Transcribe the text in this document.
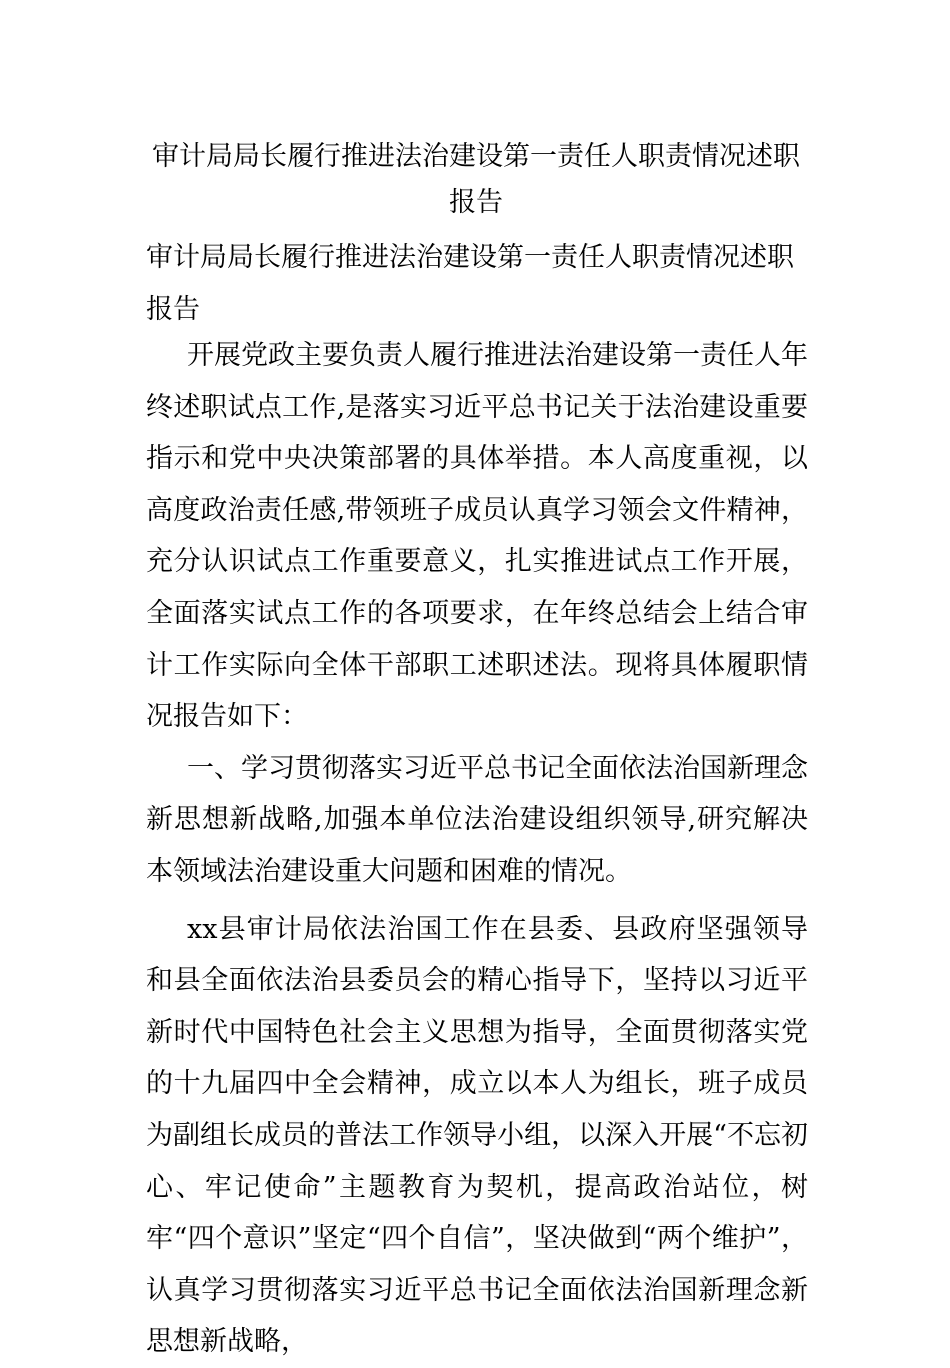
审计局局长履行推进法治建设第一责任人职责情况述职报告
审计局局长履行推进法治建设第一责任人职责情况述职报告

开展党政主要负责人履行推进法治建设第一责任人年终述职试点工作,是落实习近平总书记关于法治建设重要指示和党中央决策部署的具体举措。本人高度重视，以高度政治责任感,带领班子成员认真学习领会文件精神，充分认识试点工作重要意义，扎实推进试点工作开展，全面落实试点工作的各项要求，在年终总结会上结合审计工作实际向全体干部职工述职述法。现将具体履职情况报告如下：

一、学习贯彻落实习近平总书记全面依法治国新理念新思想新战略,加强本单位法治建设组织领导,研究解决本领域法治建设重大问题和困难的情况。

xx县审计局依法治国工作在县委、县政府坚强领导和县全面依法治县委员会的精心指导下，坚持以习近平新时代中国特色社会主义思想为指导，全面贯彻落实党的十九届四中全会精神，成立以本人为组长，班子成员为副组长成员的普法工作领导小组，以深入开展“不忘初心、牢记使命”主题教育为契机，提高政治站位，树牢“四个意识”坚定“四个自信”，坚决做到“两个维护”，认真学习贯彻落实习近平总书记全面依法治国新理念新思想新战略，
